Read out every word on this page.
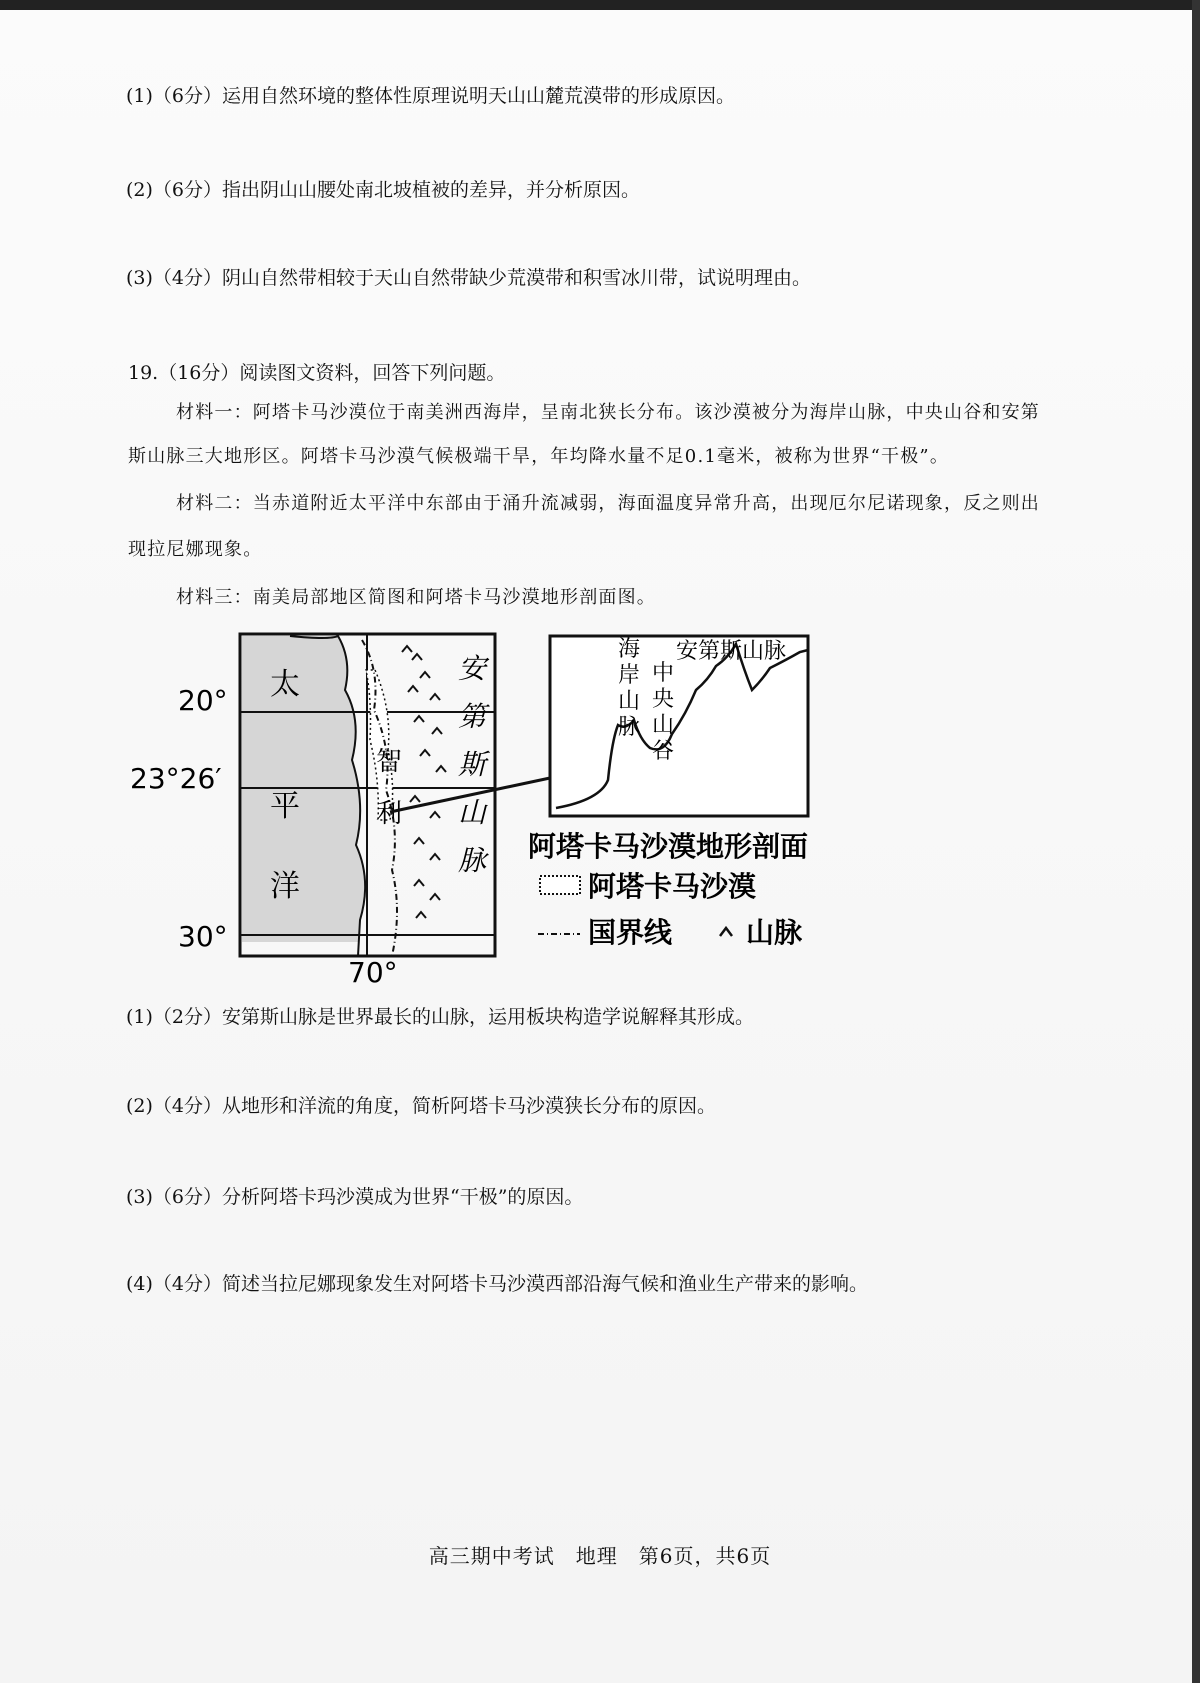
(1)（6分）运用自然环境的整体性原理说明天山山麓荒漠带的形成原因。
(2)（6分）指出阴山山腰处南北坡植被的差异，并分析原因。
(3)（4分）阴山自然带相较于天山自然带缺少荒漠带和积雪冰川带，试说明理由。
19.（16分）阅读图文资料，回答下列问题。
材料一：阿塔卡马沙漠位于南美洲西海岸，呈南北狭长分布。该沙漠被分为海岸山脉，中央山谷和安第
斯山脉三大地形区。阿塔卡马沙漠气候极端干旱，年均降水量不足0.1毫米，被称为世界“干极”。
材料二：当赤道附近太平洋中东部由于涌升流减弱，海面温度异常升高，出现厄尔尼诺现象，反之则出
现拉尼娜现象。
材料三：南美局部地区简图和阿塔卡马沙漠地形剖面图。
20°
23°26′
30°
70°
太
平
洋
智
利
安
第
斯
山
脉
海
岸
山
脉
中
央
山
谷
安第斯山脉
阿塔卡马沙漠地形剖面
阿塔卡马沙漠
国界线	山脉
(1)（2分）安第斯山脉是世界最长的山脉，运用板块构造学说解释其形成。
(2)（4分）从地形和洋流的角度，简析阿塔卡马沙漠狭长分布的原因。
(3)（6分）分析阿塔卡玛沙漠成为世界“干极”的原因。
(4)（4分）简述当拉尼娜现象发生对阿塔卡马沙漠西部沿海气候和渔业生产带来的影响。
高三期中考试　地理　第6页，共6页
